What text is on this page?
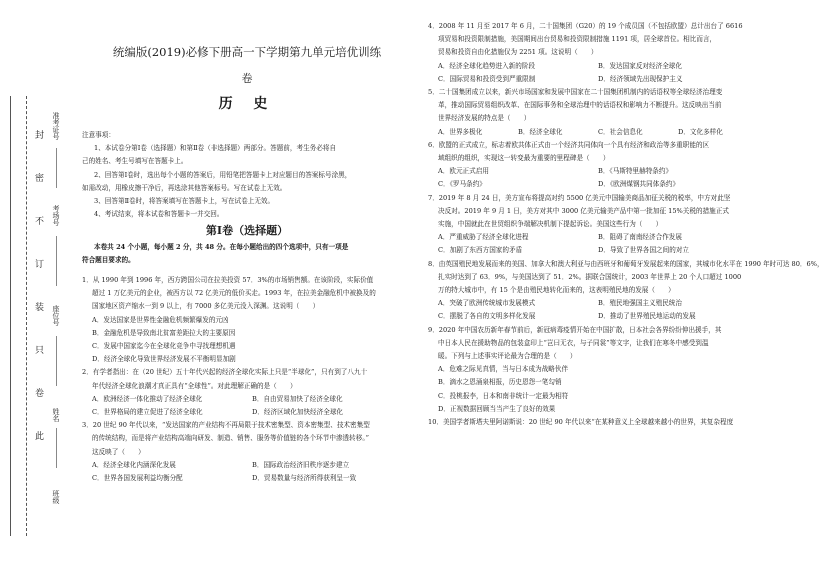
封
密
不
订
装
只
卷
此
准考证号
考场号
座位号
姓名
班级
统编版(2019)必修下册高一下学期第九单元培优训练
卷
历 史

注意事项：

1、本试卷分第Ⅰ卷（选择题）和第Ⅱ卷（非选择题）两部分。答题前，考生务必将自

己的姓名、考生号填写在答题卡上。

2、回答第Ⅰ卷时，选出每个小题的答案后，用铅笔把答题卡上对应题目的答案标号涂黑，

如需改动，用橡皮擦干净后，再选涂其他答案标号。写在试卷上无效。

3、回答第Ⅱ卷时，将答案填写在答题卡上，写在试卷上无效。

4、考试结束，将本试卷和答题卡一并交回。

第Ⅰ卷（选择题）

本卷共 24 个小题，每小题 2 分，共 48 分。在每小题给出的四个选项中，只有一项是

符合题目要求的。

1．从 1990 年到 1996 年，西方跨国公司在拉美投资 57．3%的市场销售额。在该阶段，实际价值

超过 1 万亿美元的企业，被西方以 72 亿美元的低价买走。1993 年，在拉美金融危机中被换及的

国家地区资产缩水一到 9 以上，有 7000 多亿美元没入深渊。这说明（　　）

A．发达国家是世界性金融危机频繁爆发的元凶

B．金融危机是导致南北贫富差距拉大的主要原因

C．发展中国家迄今在全球化竞争中寻找理想机遇

D．经济全球化导致世界经济发展不平衡明显加剧

2．有学者指出：在（20 世纪）五十年代兴起的经济全球化实际上只是“半球化”，只有到了八九十

年代经济全球化浪潮才真正具有“全球性”。对此理解正确的是（　　）

A．欧洲经济一体化推动了经济全球化	B．自由贸易加快了经济全球化

C．世界格局的建立促进了经济全球化	D．经济区域化加快经济全球化

3．20 世纪 90 年代以来，“发达国家的产业结构不再局限于技术密集型、资本密集型、技术密集型

的传统结构，而是将产业结构高端向研发、制造、销售、服务等价值链的各个环节中渗透转移。”

这反映了（　　）

A．经济全球化内涵深化发展	B．国际政治经济旧秩序逐步建立

C．世界各国发展利益均衡分配	D．贸易数量与经济所得获利呈一致

4．2008 年 11 月至 2017 年 6 月，二十国集团（G20）的 19 个成员国（不包括欧盟）总计出台了 6616

项贸易和投资限制措施，美国期间出台贸易和投资限制措施 1191 项，居全球首位。相比而言，

贸易和投资自由化措施仅为 2251 项。这说明（　　）

A．经济全球化趋势进入新的阶段	B．发达国家反对经济全球化

C．国际贸易和投资受到严重限制	D．经济领域先出现保护主义

5．二十国集团成立以来，新兴市场国家和发展中国家在二十国集团机制内的话语权等全球经济治理变

革，推动国际贸易组织改革、在国际事务和全球治理中的话语权和影响力不断提升。这反映出当前

世界经济发展的特点是（　　）

A．世界多极化	B．经济全球化	C．社会信息化	D．文化多样化

6．欧盟的正式成立，标志着欧共体正式由一个经济共同体向一个具有经济和政治等多重职能的区

域组织的组织，实现这一转变最为重要的里程碑是（　　）

A．欧元正式启用	B．《马斯特里赫特条约》

C．《罗马条约》	D．《欧洲煤钢共同体条约》

7．2019 年 8 月 24 日，美方宣布将提高对约 5500 亿美元中国输美商品加征关税的税率，中方对此坚

决反对。2019 年 9 月 1 日，美方对其中 3000 亿美元输美产品中第一批加征 15%关税的措施正式

实施，中国就此在世贸组织争端解决机制下提起诉讼。美国这些行为（　　）

A．严重威胁了经济全球化进程	B．阻碍了南南经济合作发展

C．加剧了东西方国家的矛盾	D．导致了世界各国之间的对立

8．由英国殖民地发展而来的美国、加拿大和澳大利亚与由西班牙和葡萄牙发展起来的国家，其城市化水平在 1990 年时可达 80．6%，

扎实时达到了 63．9%，与美国达到了 51．2%。据联合国统计，2003 年世界上 20 个人口超过 1000

万的特大城市中，有 15 个是由殖民地转化而来的，这表明殖民地的发展（　　）

A．突破了欧洲传统城市发展模式	B．殖民地强国主义殖民统治

C．摆脱了各自的文明多样化发展	D．推动了世界殖民地运动的发展

9．2020 年中国农历新年春节前后，新冠病毒疫情开始在中国扩散，日本社会各界纷纷伸出援手，其

中日本人民在援助物品的包装盒印上“岂曰无衣，与子同裳”等文字，让我们在寒冬中感受到温

暖。下列与上述事实评论最为合理的是（　　）

A．危难之际见真情，当与日本成为战略伙伴

B．滴水之恩涌泉相报，历史恩怨一笔勾销

C．投桃报李，日本和南非统计一定最为相符

D．正视数据回顾当当产生了良好的效果

10．美国学者斯塔夫里阿诺斯说：20 世纪 90 年代以来“在某种意义上全球越来越小的世界，其复杂程度
